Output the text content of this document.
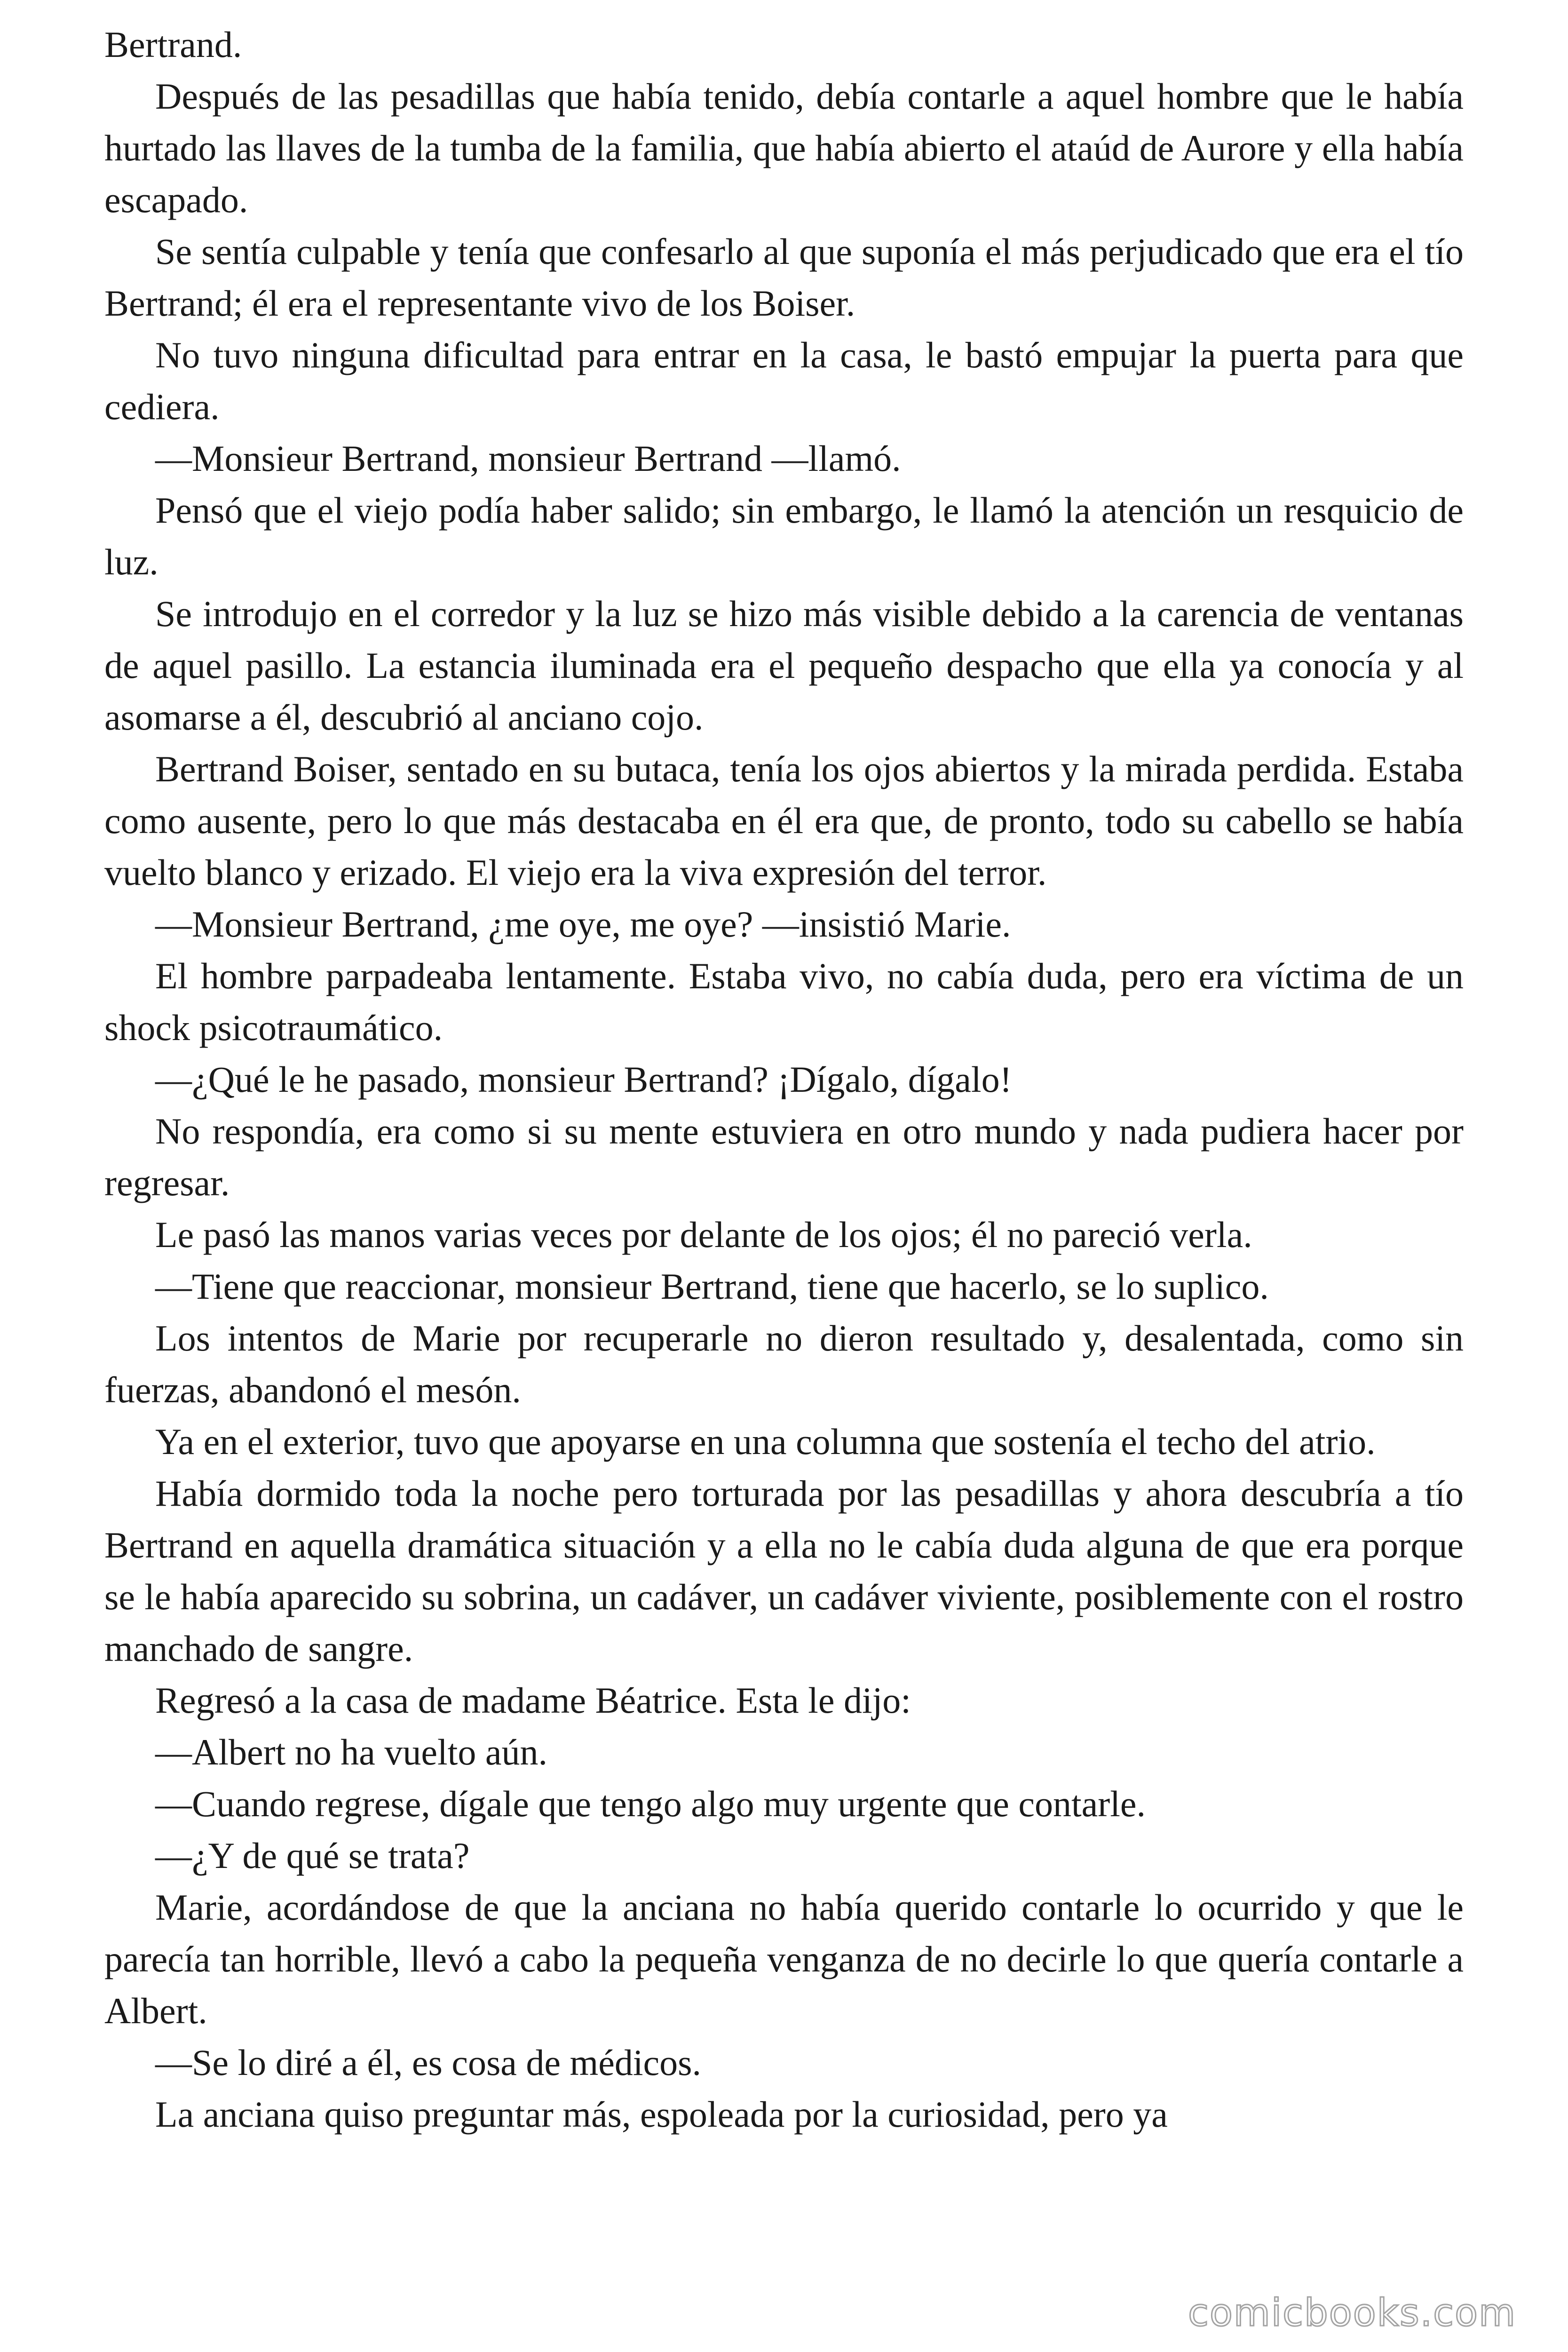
Bertrand.

Después de las pesadillas que había tenido, debía contarle a aquel hombre que le había hurtado las llaves de la tumba de la familia, que había abierto el ataúd de Aurore y ella había escapado.

Se sentía culpable y tenía que confesarlo al que suponía el más perjudicado que era el tío Bertrand; él era el representante vivo de los Boiser.

No tuvo ninguna dificultad para entrar en la casa, le bastó empujar la puerta para que cediera.

—Monsieur Bertrand, monsieur Bertrand —llamó.

Pensó que el viejo podía haber salido; sin embargo, le llamó la atención un resquicio de luz.

Se introdujo en el corredor y la luz se hizo más visible debido a la carencia de ventanas de aquel pasillo. La estancia iluminada era el pequeño despacho que ella ya conocía y al asomarse a él, descubrió al anciano cojo.

Bertrand Boiser, sentado en su butaca, tenía los ojos abiertos y la mirada perdida. Estaba como ausente, pero lo que más destacaba en él era que, de pronto, todo su cabello se había vuelto blanco y erizado. El viejo era la viva expresión del terror.

—Monsieur Bertrand, ¿me oye, me oye? —insistió Marie.

El hombre parpadeaba lentamente. Estaba vivo, no cabía duda, pero era víctima de un shock psicotraumático.

—¿Qué le he pasado, monsieur Bertrand? ¡Dígalo, dígalo!

No respondía, era como si su mente estuviera en otro mundo y nada pudiera hacer por regresar.

Le pasó las manos varias veces por delante de los ojos; él no pareció verla.

—Tiene que reaccionar, monsieur Bertrand, tiene que hacerlo, se lo suplico.

Los intentos de Marie por recuperarle no dieron resultado y, desalentada, como sin fuerzas, abandonó el mesón.

Ya en el exterior, tuvo que apoyarse en una columna que sostenía el techo del atrio.

Había dormido toda la noche pero torturada por las pesadillas y ahora descubría a tío Bertrand en aquella dramática situación y a ella no le cabía duda alguna de que era porque se le había aparecido su sobrina, un cadáver, un cadáver viviente, posiblemente con el rostro manchado de sangre.

Regresó a la casa de madame Béatrice. Esta le dijo:

—Albert no ha vuelto aún.

—Cuando regrese, dígale que tengo algo muy urgente que contarle.

—¿Y de qué se trata?

Marie, acordándose de que la anciana no había querido contarle lo ocurrido y que le parecía tan horrible, llevó a cabo la pequeña venganza de no decirle lo que quería contarle a Albert.

—Se lo diré a él, es cosa de médicos.

La anciana quiso preguntar más, espoleada por la curiosidad, pero ya

comicbooks.com
